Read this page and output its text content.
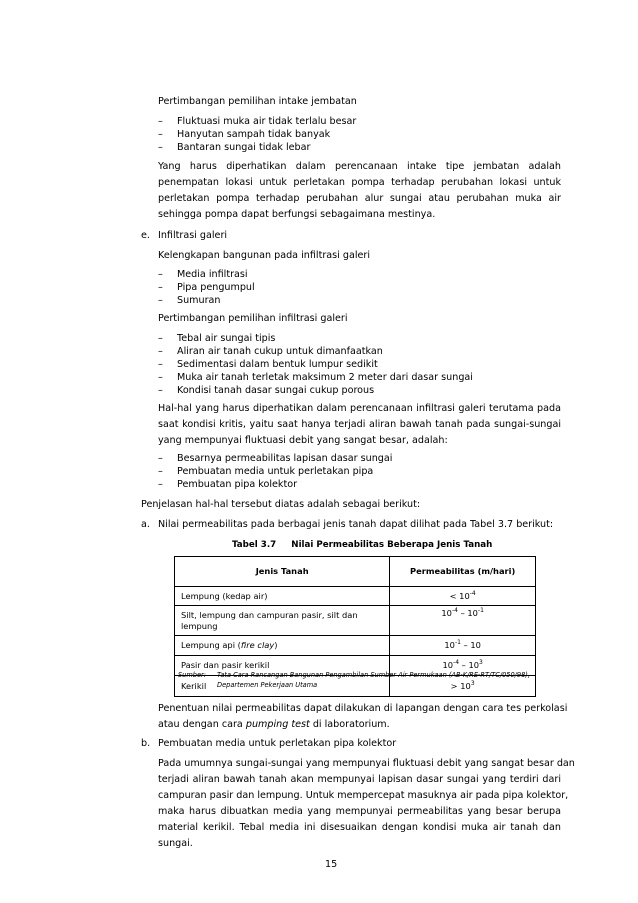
Pertimbangan pemilihan intake jembatan
– Fluktuasi muka air tidak terlalu besar
– Hanyutan sampah tidak banyak
– Bantaran sungai tidak lebar
Yang harus diperhatikan dalam perencanaan intake tipe jembatan adalah
penempatan lokasi untuk perletakan pompa terhadap perubahan lokasi untuk
perletakan pompa terhadap perubahan alur sungai atau perubahan muka air
sehingga pompa dapat berfungsi sebagaimana mestinya.
e. Infiltrasi galeri
Kelengkapan bangunan pada infiltrasi galeri
– Media infiltrasi
– Pipa pengumpul
– Sumuran
Pertimbangan pemilihan infiltrasi galeri
– Tebal air sungai tipis
– Aliran air tanah cukup untuk dimanfaatkan
– Sedimentasi dalam bentuk lumpur sedikit
– Muka air tanah terletak maksimum 2 meter dari dasar sungai
– Kondisi tanah dasar sungai cukup porous
Hal-hal yang harus diperhatikan dalam perencanaan infiltrasi galeri terutama pada
saat kondisi kritis, yaitu saat hanya terjadi aliran bawah tanah pada sungai-sungai
yang mempunyai fluktuasi debit yang sangat besar, adalah:
– Besarnya permeabilitas lapisan dasar sungai
– Pembuatan media untuk perletakan pipa
– Pembuatan pipa kolektor
Penjelasan hal-hal tersebut diatas adalah sebagai berikut:
a. Nilai permeabilitas pada berbagai jenis tanah dapat dilihat pada Tabel 3.7 berikut:
Tabel 3.7     Nilai Permeabilitas Beberapa Jenis Tanah
Jenis Tanah	Permeabilitas (m/hari)
Lempung (kedap air)	< $10^{-4}$

Silt, lempung dan campuran pasir, silt dan
lempung	$10^{-4} - 10^{-1}$
Lempung api (fire clay)	$10^{-1} - 10$
Pasir dan pasir kerikil	$10^{-4} - 10^3$
Kerikil	> $10^3$
Sumber: Tata Cara Rancangan Bangunan Pengambilan Sumber Air Permukaan (AB-K/RE-RT/TC/050/98),
Departemen Pekerjaan Utama
Penentuan nilai permeabilitas dapat dilakukan di lapangan dengan cara tes perkolasi
atau dengan cara pumping test di laboratorium.
b. Pembuatan media untuk perletakan pipa kolektor
Pada umumnya sungai-sungai yang mempunyai fluktuasi debit yang sangat besar dan
terjadi aliran bawah tanah akan mempunyai lapisan dasar sungai yang terdiri dari
campuran pasir dan lempung. Untuk mempercepat masuknya air pada pipa kolektor,
maka harus dibuatkan media yang mempunyai permeabilitas yang besar berupa
material kerikil. Tebal media ini disesuaikan dengan kondisi muka air tanah dan
sungai.
15
